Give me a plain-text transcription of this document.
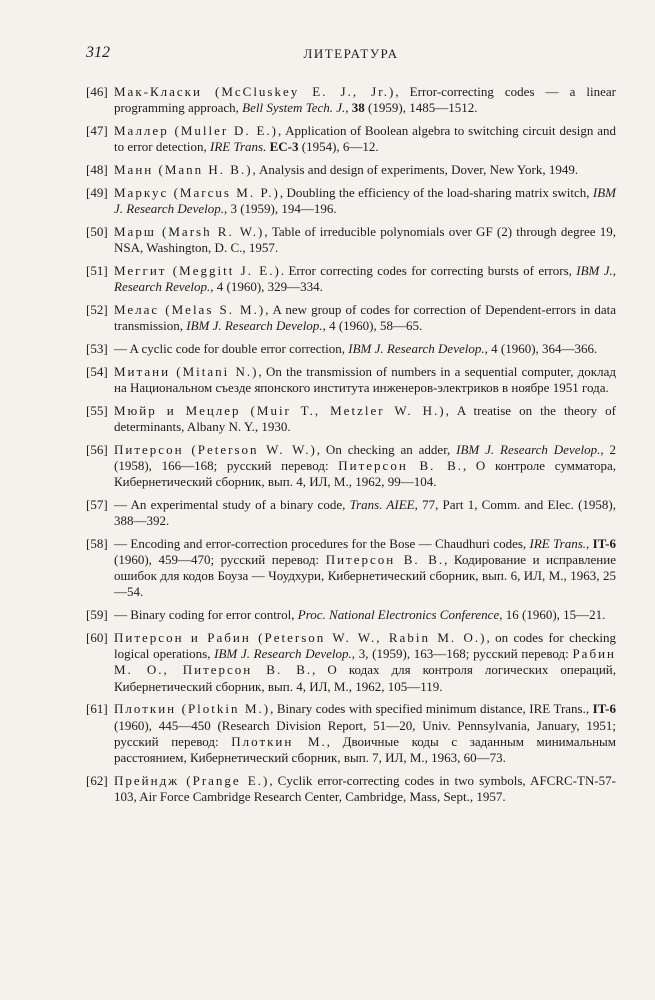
312	ЛИТЕРАТУРА
[46] Мак-Класки (McCluskey E. J., Jr.), Error-correcting codes — a linear programming approach, Bell System Tech. J., 38 (1959), 1485—1512.
[47] Маллер (Muller D. E.), Application of Boolean algebra to switching circuit design and to error detection, IRE Trans. EC-3 (1954), 6—12.
[48] Манн (Mann H. B.), Analysis and design of experiments, Dover, New York, 1949.
[49] Маркус (Marcus M. P.), Doubling the efficiency of the load-sharing matrix switch, IBM J. Research Develop., 3 (1959), 194—196.
[50] Марш (Marsh R. W.), Table of irreducible polynomials over GF (2) through degree 19, NSA, Washington, D. C., 1957.
[51] Меггит (Meggitt J. E.). Error correcting codes for correcting bursts of errors, IBM J., Research Revelop., 4 (1960), 329—334.
[52] Мелас (Melas S. M.), A new group of codes for correction of Dependent-errors in data transmission, IBM J. Research Develop., 4 (1960), 58—65.
[53] — A cyclic code for double error correction, IBM J. Research Develop., 4 (1960), 364—366.
[54] Митани (Mitani N.), On the transmission of numbers in a sequential computer, доклад на Национальном съезде японского института инженеров-электриков в ноябре 1951 года.
[55] Мюйр и Мецлер (Muir T., Metzler W. H.), A treatise on the theory of determinants, Albany N. Y., 1930.
[56] Питерсон (Peterson W. W.), On checking an adder, IBM J. Research Develop., 2 (1958), 166—168; русский перевод: Питерсон В. В., О контроле сумматора, Кибернетический сборник, вып. 4, ИЛ, М., 1962, 99—104.
[57] — An experimental study of a binary code, Trans. AIEE, 77, Part 1, Comm. and Elec. (1958), 388—392.
[58] — Encoding and error-correction procedures for the Bose — Chaudhuri codes, IRE Trans., IT-6 (1960), 459—470; русский перевод: Питерсон В. В., Кодирование и исправление ошибок для кодов Боуза — Чоудхури, Кибернетический сборник, вып. 6, ИЛ, М., 1963, 25—54.
[59] — Binary coding for error control, Proc. National Electronics Conference, 16 (1960), 15—21.
[60] Питерсон и Рабин (Peterson W. W., Rabin M. O.), on codes for checking logical operations, IBM J. Research Develop., 3, (1959), 163—168; русский перевод: Рабин М. О., Питерсон В. В., О кодах для контроля логических операций, Кибернетический сборник, вып. 4, ИЛ, М., 1962, 105—119.
[61] Плоткин (Plotkin M.), Binary codes with specified minimum distance, IRE Trans., IT-6 (1960), 445—450 (Research Division Report, 51—20, Univ. Pennsylvania, January, 1951; русский перевод: Плоткин М., Двоичные коды с заданным минимальным расстоянием, Кибернетический сборник, вып. 7, ИЛ, М., 1963, 60—73.
[62] Прейндж (Prange E.), Cyclik error-correcting codes in two symbols, AFCRC-TN-57-103, Air Force Cambridge Research Center, Cambridge, Mass, Sept., 1957.
